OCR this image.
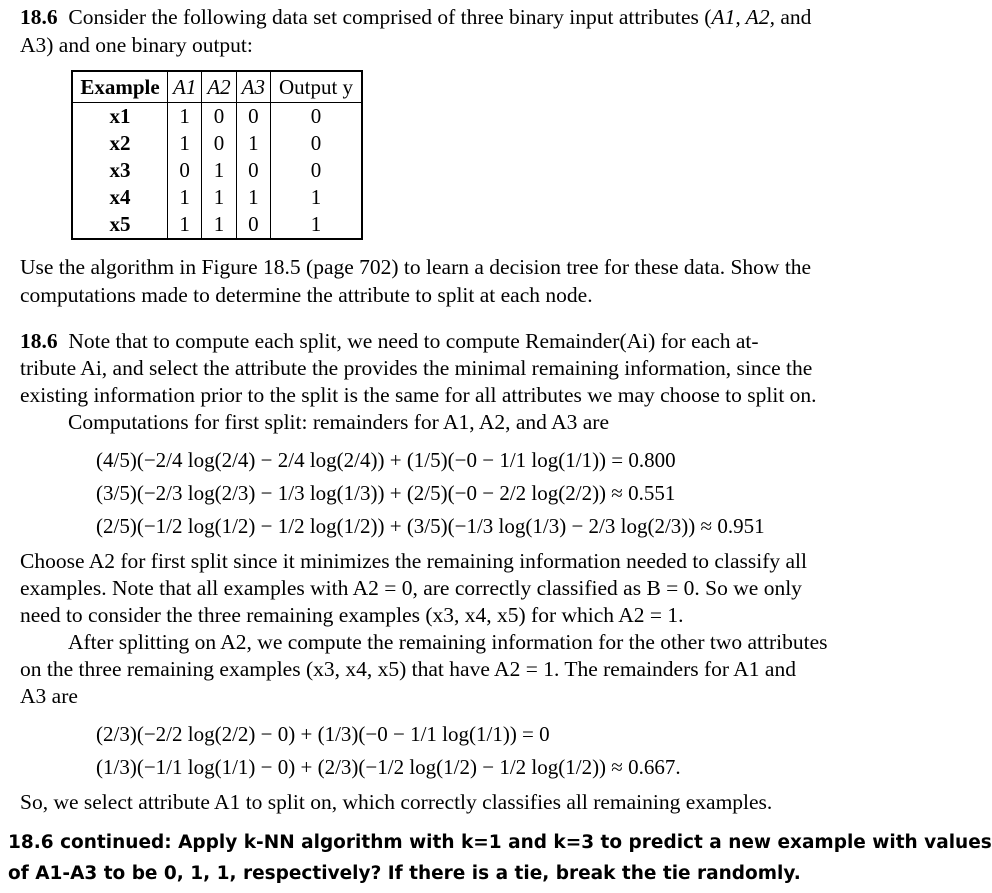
18.6 Consider the following data set comprised of three binary input attributes (A1, A2, and
A3) and one binary output:
Example	A1	A2	A3	Output y
x1	1	0	0	0
x2	1	0	1	0
x3	0	1	0	0
x4	1	1	1	1
x5	1	1	0	1
Use the algorithm in Figure 18.5 (page 702) to learn a decision tree for these data. Show the
computations made to determine the attribute to split at each node.
18.6 Note that to compute each split, we need to compute Remainder(Ai) for each at-
tribute Ai, and select the attribute the provides the minimal remaining information, since the
existing information prior to the split is the same for all attributes we may choose to split on.
Computations for first split: remainders for A1, A2, and A3 are
(4/5)(−2/4 log(2/4) − 2/4 log(2/4)) + (1/5)(−0 − 1/1 log(1/1)) = 0.800
(3/5)(−2/3 log(2/3) − 1/3 log(1/3)) + (2/5)(−0 − 2/2 log(2/2)) ≈ 0.551
(2/5)(−1/2 log(1/2) − 1/2 log(1/2)) + (3/5)(−1/3 log(1/3) − 2/3 log(2/3)) ≈ 0.951
Choose A2 for first split since it minimizes the remaining information needed to classify all
examples. Note that all examples with A2 = 0, are correctly classified as B = 0. So we only
need to consider the three remaining examples (x3, x4, x5) for which A2 = 1.
After splitting on A2, we compute the remaining information for the other two attributes
on the three remaining examples (x3, x4, x5) that have A2 = 1. The remainders for A1 and
A3 are
(2/3)(−2/2 log(2/2) − 0) + (1/3)(−0 − 1/1 log(1/1)) = 0
(1/3)(−1/1 log(1/1) − 0) + (2/3)(−1/2 log(1/2) − 1/2 log(1/2)) ≈ 0.667.
So, we select attribute A1 to split on, which correctly classifies all remaining examples.
18.6 continued: Apply k-NN algorithm with k=1 and k=3 to predict a new example with values
of A1-A3 to be 0, 1, 1, respectively? If there is a tie, break the tie randomly.
